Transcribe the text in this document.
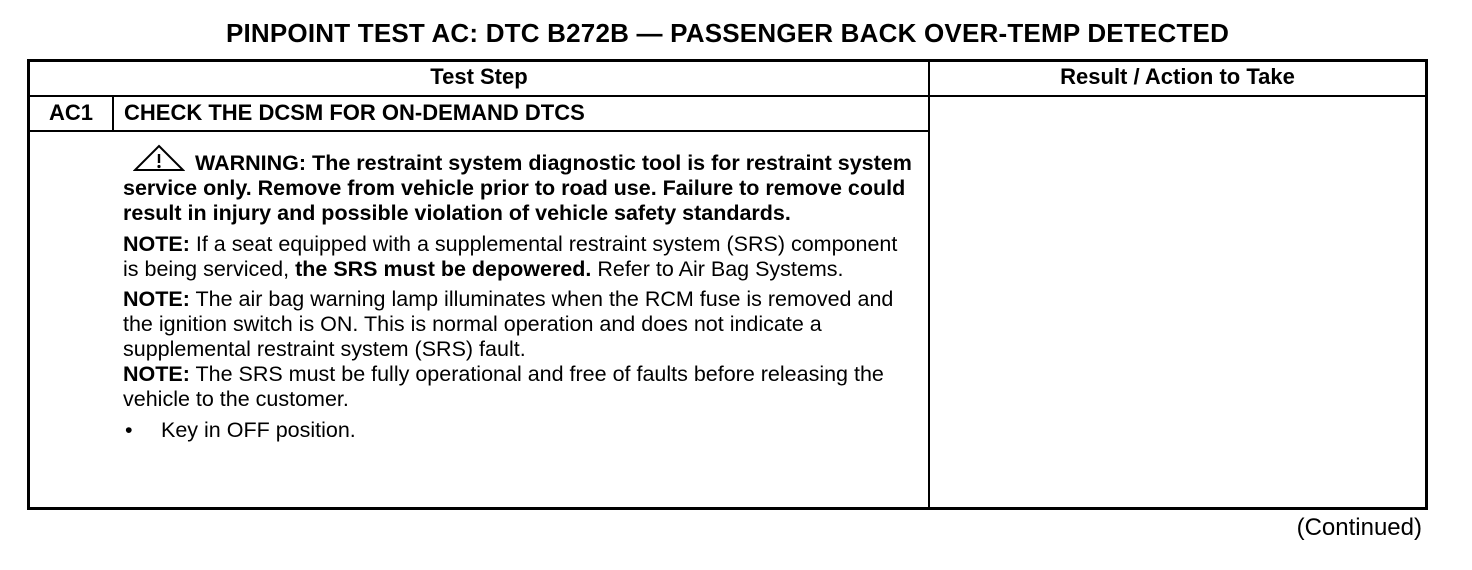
PINPOINT TEST AC: DTC B272B — PASSENGER BACK OVER-TEMP DETECTED
Test Step	Result / Action to Take
AC1	CHECK THE DCSM FOR ON-DEMAND DTCS

WARNING: The restraint system diagnostic tool is for restraint system service only. Remove from vehicle prior to road use. Failure to remove could result in injury and possible violation of vehicle safety standards.

NOTE: If a seat equipped with a supplemental restraint system (SRS) component is being serviced, the SRS must be depowered. Refer to Air Bag Systems.

NOTE: The air bag warning lamp illuminates when the RCM fuse is removed and the ignition switch is ON. This is normal operation and does not indicate a supplemental restraint system (SRS) fault.

NOTE: The SRS must be fully operational and free of faults before releasing the vehicle to the customer.

•	Key in OFF position.
(Continued)
